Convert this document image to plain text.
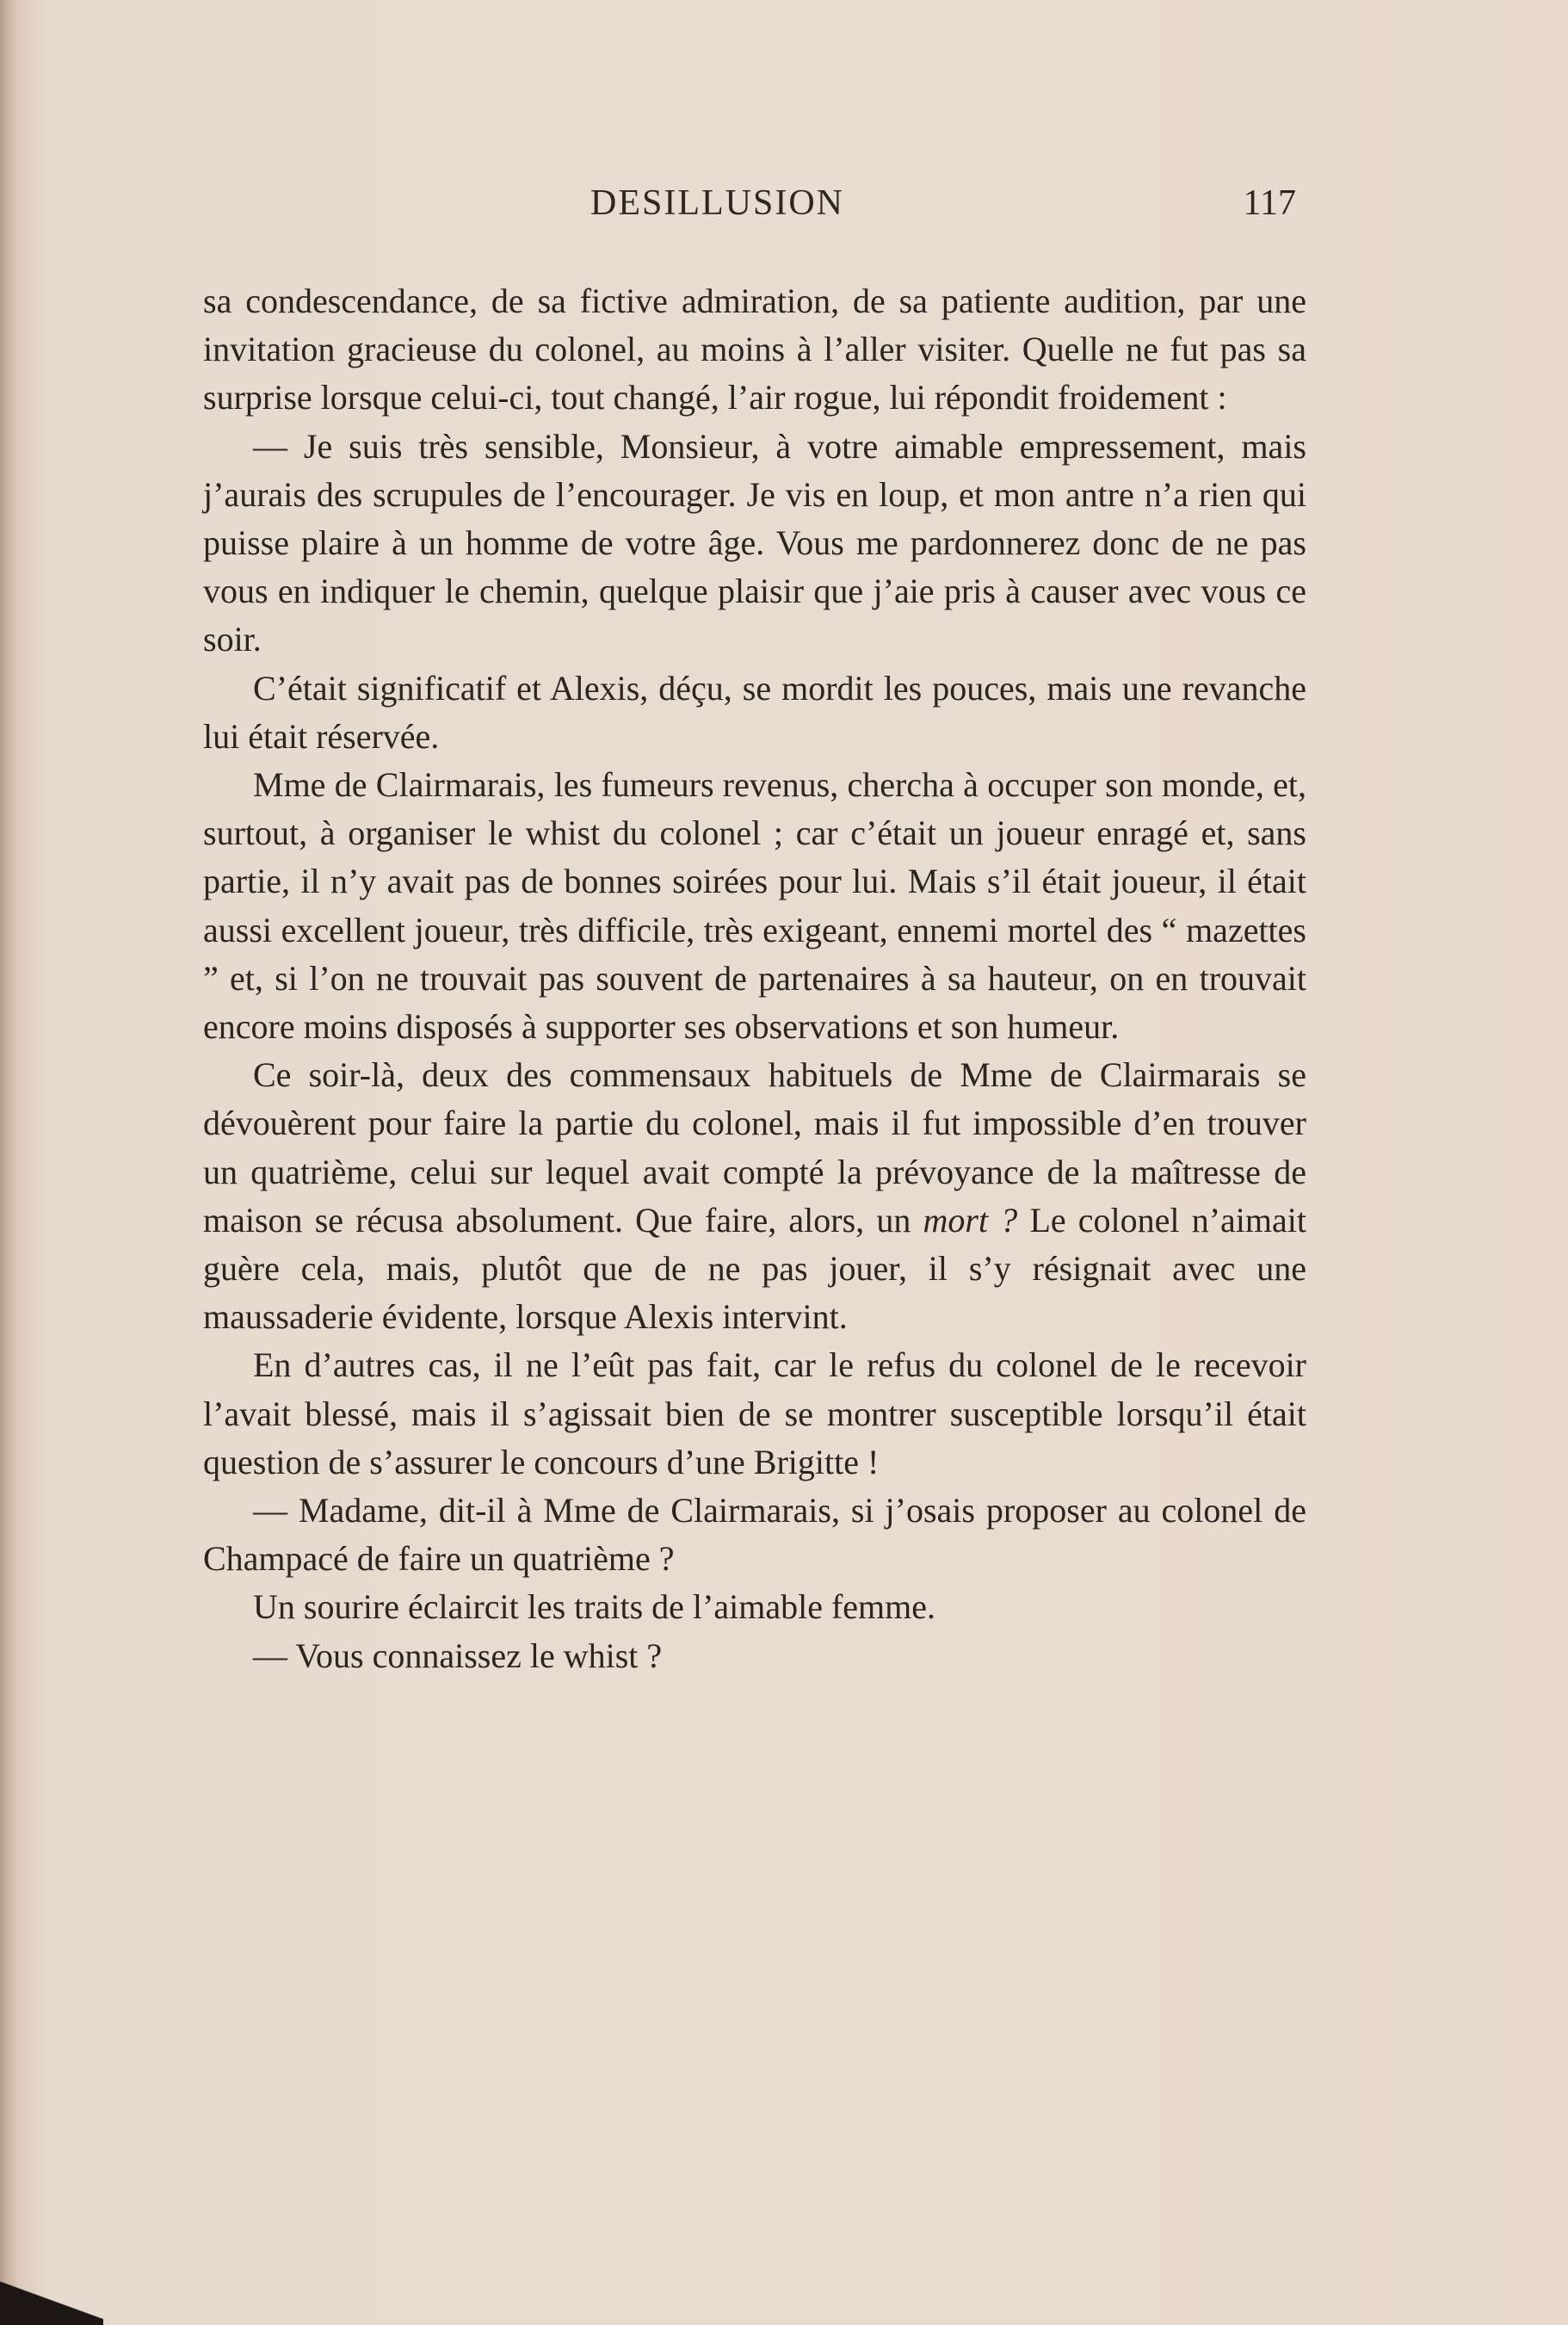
DESILLUSION	117

sa condescendance, de sa fictive admiration, de sa patiente audition, par une invitation gracieuse du colonel, au moins à l’aller visiter. Quelle ne fut pas sa surprise lorsque celui-ci, tout changé, l’air rogue, lui répondit froidement :

— Je suis très sensible, Monsieur, à votre aimable empressement, mais j’aurais des scrupules de l’encourager. Je vis en loup, et mon antre n’a rien qui puisse plaire à un homme de votre âge. Vous me pardonnerez donc de ne pas vous en indiquer le chemin, quelque plaisir que j’aie pris à causer avec vous ce soir.

C’était significatif et Alexis, déçu, se mordit les pouces, mais une revanche lui était réservée.

Mme de Clairmarais, les fumeurs revenus, chercha à occuper son monde, et, surtout, à organiser le whist du colonel ; car c’était un joueur enragé et, sans partie, il n’y avait pas de bonnes soirées pour lui. Mais s’il était joueur, il était aussi excellent joueur, très difficile, très exigeant, ennemi mortel des “ mazettes ” et, si l’on ne trouvait pas souvent de partenaires à sa hauteur, on en trouvait encore moins disposés à supporter ses observations et son humeur.

Ce soir-là, deux des commensaux habituels de Mme de Clairmarais se dévouèrent pour faire la partie du colonel, mais il fut impossible d’en trouver un quatrième, celui sur lequel avait compté la prévoyance de la maîtresse de maison se récusa absolument. Que faire, alors, un mort ? Le colonel n’aimait guère cela, mais, plutôt que de ne pas jouer, il s’y résignait avec une maussaderie évidente, lorsque Alexis intervint.

En d’autres cas, il ne l’eût pas fait, car le refus du colonel de le recevoir l’avait blessé, mais il s’agissait bien de se montrer susceptible lorsqu’il était question de s’assurer le concours d’une Brigitte !

— Madame, dit-il à Mme de Clairmarais, si j’osais proposer au colonel de Champacé de faire un quatrième ?

Un sourire éclaircit les traits de l’aimable femme.

— Vous connaissez le whist ?
